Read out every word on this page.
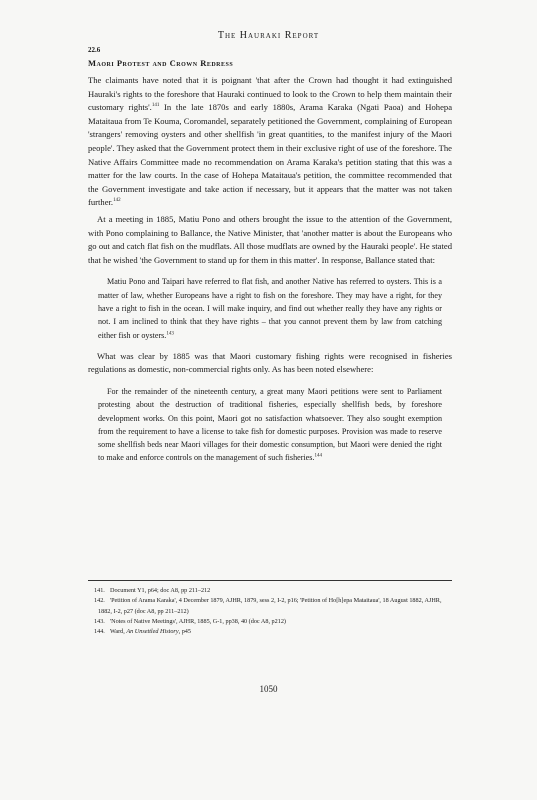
The Hauraki Report
22.6
Maori Protest and Crown Redress

The claimants have noted that it is poignant 'that after the Crown had thought it had extinguished Hauraki's rights to the foreshore that Hauraki continued to look to the Crown to help them maintain their customary rights'.$^{141}$ In the late 1870s and early 1880s, Arama Karaka (Ngati Paoa) and Hohepa Mataitaua from Te Kouma, Coromandel, separately petitioned the Government, complaining of European 'strangers' removing oysters and other shellfish 'in great quantities, to the manifest injury of the Maori people'. They asked that the Government protect them in their exclusive right of use of the foreshore. The Native Affairs Committee made no recommendation on Arama Karaka's petition stating that this was a matter for the law courts. In the case of Hohepa Mataitaua's petition, the committee recommended that the Government investigate and take action if necessary, but it appears that the matter was not taken further.$^{142}$

At a meeting in 1885, Matiu Pono and others brought the issue to the attention of the Government, with Pono complaining to Ballance, the Native Minister, that 'another matter is about the Europeans who go out and catch flat fish on the mudflats. All those mudflats are owned by the Hauraki people'. He stated that he wished 'the Government to stand up for them in this matter'. In response, Ballance stated that:

Matiu Pono and Taipari have referred to flat fish, and another Native has referred to oysters. This is a matter of law, whether Europeans have a right to fish on the foreshore. They may have a right, for they have a right to fish in the ocean. I will make inquiry, and find out whether really they have any rights or not. I am inclined to think that they have rights – that you cannot prevent them by law from catching either fish or oysters.$^{143}$

What was clear by 1885 was that Maori customary fishing rights were recognised in fisheries regulations as domestic, non-commercial rights only. As has been noted elsewhere:

For the remainder of the nineteenth century, a great many Maori petitions were sent to Parliament protesting about the destruction of traditional fisheries, especially shellfish beds, by foreshore development works. On this point, Maori got no satisfaction whatsoever. They also sought exemption from the requirement to have a license to take fish for domestic purposes. Provision was made to reserve some shellfish beds near Maori villages for their domestic consumption, but Maori were denied the right to make and enforce controls on the management of such fisheries.$^{144}$

141. Document Y1, p64; doc A8, pp 211–212

142. 'Petition of Arama Karaka', 4 December 1879, AJHR, 1879, sess 2, I-2, p16; 'Petition of Ho[h]epa Mataitaua', 18 August 1882, AJHR, 1882, I-2, p27 (doc A8, pp 211–212)

143. 'Notes of Native Meetings', AJHR, 1885, G-1, pp38, 40 (doc A8, p212)

144. Ward, An Unsettled History, p45

1050
